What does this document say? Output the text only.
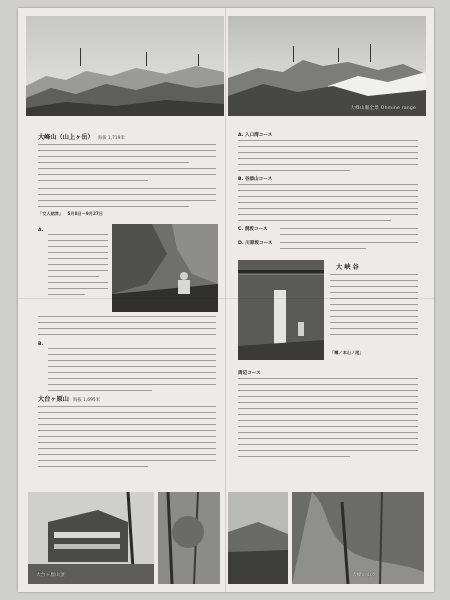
大峰山脈全景 Ohmine range
大峰山（山上ヶ岳） 海拔 1,719米
「女人結界」 5月8日〜9月27日
A.
B.
大台ヶ原山 海拔 1,695米
A. 入口湾コース
B. 谷添山コース
C. 洞坂コース
D. 川原坂コース
大 峡 谷
「樽ノ本山ノ尾」
周辺コース
大台ヶ原山頂	大峰の山々
